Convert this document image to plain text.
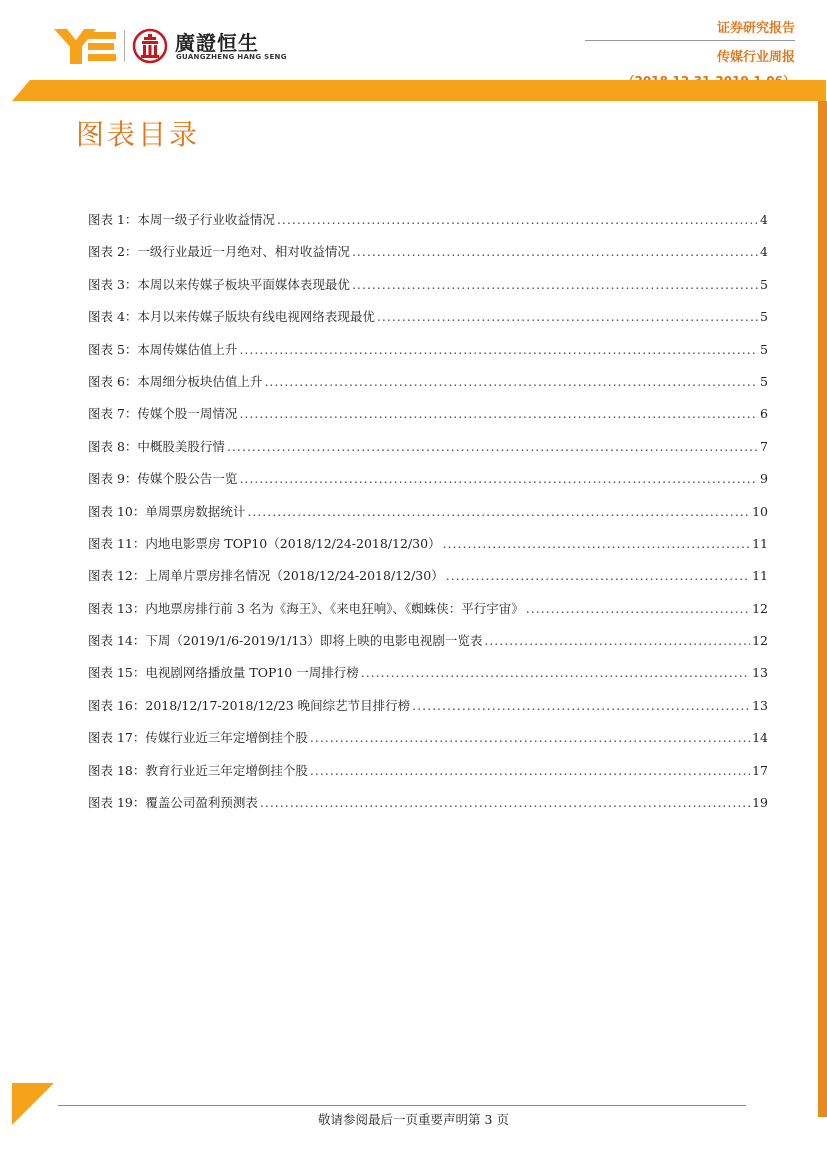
廣證恒生
GUANGZHENG HANG SENG
证券研究报告
传媒行业周报
图表目录
图表 1：本周一级子行业收益情况 .....	4
图表 2：一级行业最近一月绝对、相对收益情况 .....	4
图表 3：本周以来传媒子板块平面媒体表现最优 .....	5
图表 4：本月以来传媒子版块有线电视网络表现最优 .....	5
图表 5：本周传媒估值上升 .....	5
图表 6：本周细分板块估值上升 .....	5
图表 7：传媒个股一周情况 .....	6
图表 8：中概股美股行情 .....	7
图表 9：传媒个股公告一览 .....	9
图表 10：单周票房数据统计 .....	10
图表 11：内地电影票房 TOP10（2018/12/24-2018/12/30） .....	11
图表 12：上周单片票房排名情况（2018/12/24-2018/12/30） .....	11
图表 13：内地票房排行前 3 名为《海王》、《来电狂响》、《蜘蛛侠：平行宇宙》 .....	12
图表 14：下周（2019/1/6-2019/1/13）即将上映的电影电视剧一览表 .....	12
图表 15：电视剧网络播放量 TOP10 一周排行榜 .....	13
图表 16：2018/12/17-2018/12/23 晚间综艺节目排行榜 .....	13
图表 17：传媒行业近三年定增倒挂个股 .....	14
图表 18：教育行业近三年定增倒挂个股 .....	17
图表 19：覆盖公司盈利预测表 .....	19
敬请参阅最后一页重要声明第 3 页
